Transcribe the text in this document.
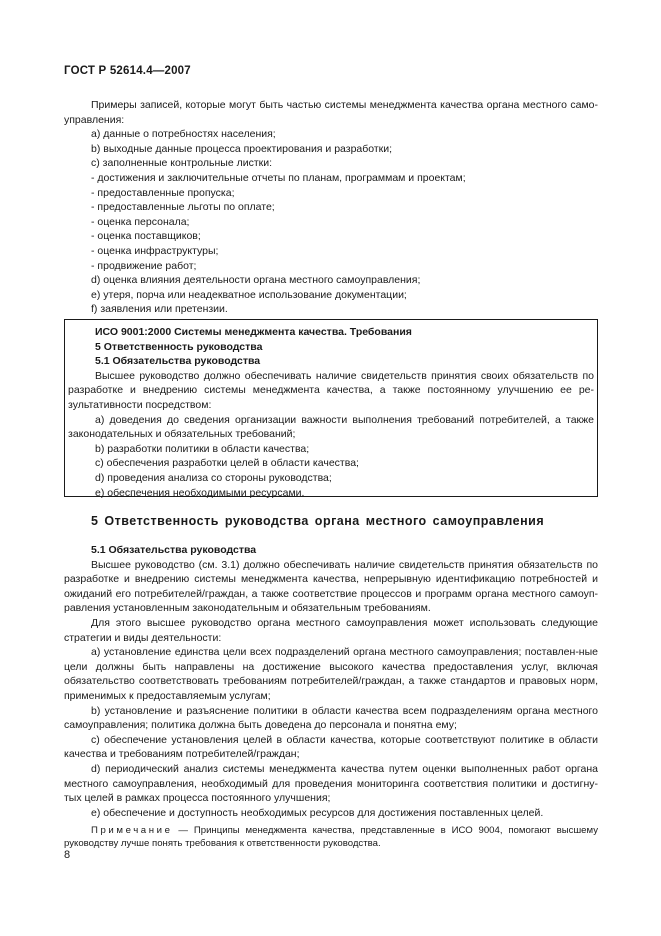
ГОСТ Р 52614.4—2007

Примеры записей, которые могут быть частью системы менеджмента качества органа местного само-управления:

a) данные о потребностях населения;
b) выходные данные процесса проектирования и разработки;
c) заполненные контрольные листки:
- достижения и заключительные отчеты по планам, программам и проектам;
- предоставленные пропуска;
- предоставленные льготы по оплате;
- оценка персонала;
- оценка поставщиков;
- оценка инфраструктуры;
- продвижение работ;
d) оценка влияния деятельности органа местного самоуправления;
e) утеря, порча или неадекватное использование документации;
f) заявления или претензии.
ИСО 9001:2000 Системы менеджмента качества. Требования
5 Ответственность руководства
5.1 Обязательства руководства

Высшее руководство должно обеспечивать наличие свидетельств принятия своих обязательств по разработке и внедрению системы менеджмента качества, а также постоянному улучшению ее ре-зультативности посредством:

a) доведения до сведения организации важности выполнения требований потребителей, а также законодательных и обязательных требований;

b) разработки политики в области качества;
c) обеспечения разработки целей в области качества;
d) проведения анализа со стороны руководства;
e) обеспечения необходимыми ресурсами.
5 Ответственность руководства органа местного самоуправления
5.1 Обязательства руководства

Высшее руководство (см. 3.1) должно обеспечивать наличие свидетельств принятия обязательств по разработке и внедрению системы менеджмента качества, непрерывную идентификацию потребностей и ожиданий его потребителей/граждан, а также соответствие процессов и программ органа местного самоуп-равления установленным законодательным и обязательным требованиям.

Для этого высшее руководство органа местного самоуправления может использовать следующие стратегии и виды деятельности:

a) установление единства цели всех подразделений органа местного самоуправления; поставлен-ные цели должны быть направлены на достижение высокого качества предоставления услуг, включая обязательство соответствовать требованиям потребителей/граждан, а также стандартов и правовых норм, применимых к предоставляемым услугам;

b) установление и разъяснение политики в области качества всем подразделениям органа местного самоуправления; политика должна быть доведена до персонала и понятна ему;

c) обеспечение установления целей в области качества, которые соответствуют политике в области качества и требованиям потребителей/граждан;

d) периодический анализ системы менеджмента качества путем оценки выполненных работ органа местного самоуправления, необходимый для проведения мониторинга соответствия политики и достигну-тых целей в рамках процесса постоянного улучшения;

e) обеспечение и доступность необходимых ресурсов для достижения поставленных целей.

Примечание — Принципы менеджмента качества, представленные в ИСО 9004, помогают высшему руководству лучше понять требования к ответственности руководства.

8
